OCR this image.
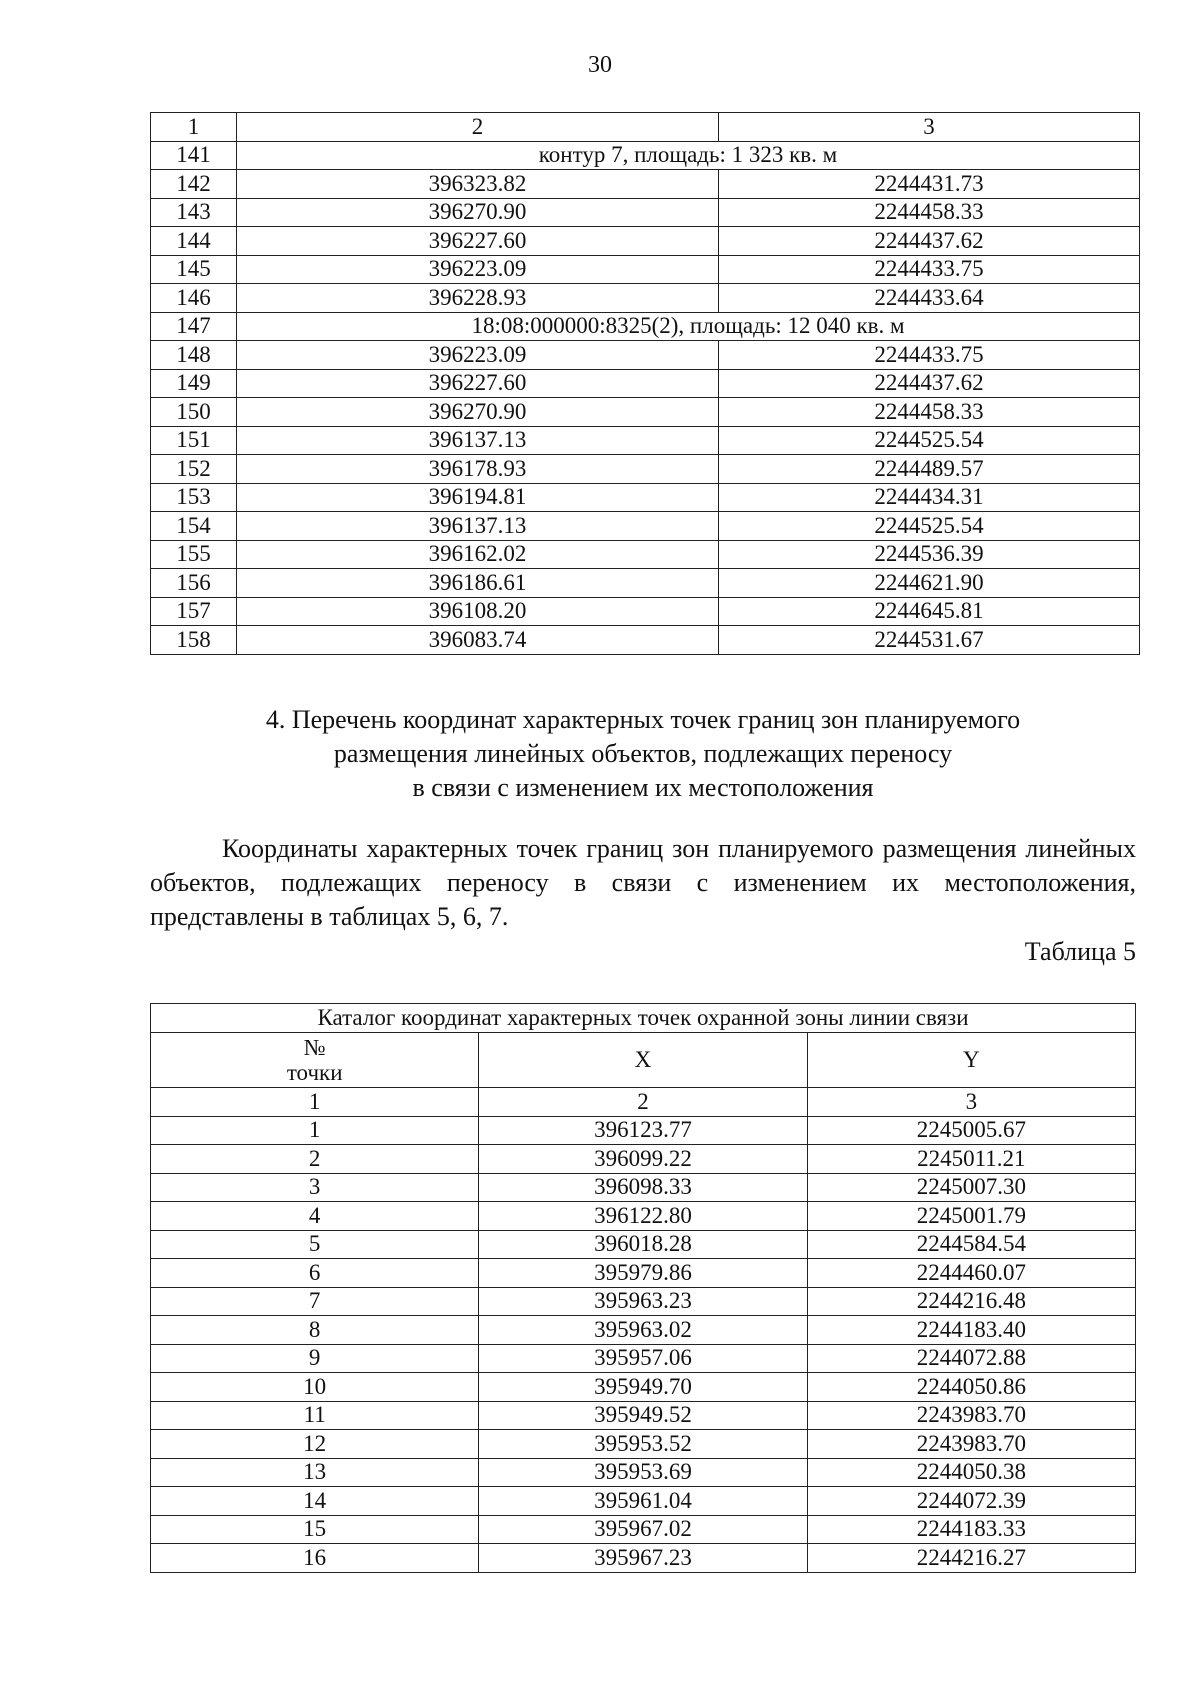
30
1	2	3
141	контур 7, площадь: 1 323 кв. м	
142	396323.82	2244431.73
143	396270.90	2244458.33
144	396227.60	2244437.62
145	396223.09	2244433.75
146	396228.93	2244433.64
147	18:08:000000:8325(2), площадь: 12 040 кв. м	
148	396223.09	2244433.75
149	396227.60	2244437.62
150	396270.90	2244458.33
151	396137.13	2244525.54
152	396178.93	2244489.57
153	396194.81	2244434.31
154	396137.13	2244525.54
155	396162.02	2244536.39
156	396186.61	2244621.90
157	396108.20	2244645.81
158	396083.74	2244531.67
4. Перечень координат характерных точек границ зон планируемого
размещения линейных объектов, подлежащих переносу
в связи с изменением их местоположения
Координаты характерных точек границ зон планируемого размещения линейных объектов, подлежащих переносу в связи с изменением их местоположения, представлены в таблицах 5, 6, 7.
Таблица 5
Каталог координат характерных точек охранной зоны линии связи		
№
точки	X	Y
1	2	3
1	396123.77	2245005.67
2	396099.22	2245011.21
3	396098.33	2245007.30
4	396122.80	2245001.79
5	396018.28	2244584.54
6	395979.86	2244460.07
7	395963.23	2244216.48
8	395963.02	2244183.40
9	395957.06	2244072.88
10	395949.70	2244050.86
11	395949.52	2243983.70
12	395953.52	2243983.70
13	395953.69	2244050.38
14	395961.04	2244072.39
15	395967.02	2244183.33
16	395967.23	2244216.27
